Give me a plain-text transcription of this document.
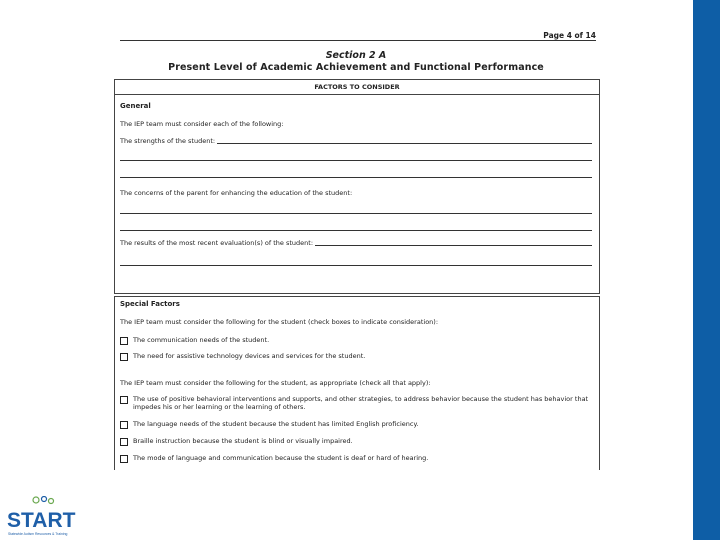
Page 4 of 14
Section 2 A
Present Level of Academic Achievement and Functional Performance
FACTORS TO CONSIDER
General
The IEP team must consider each of the following:
The strengths of the student:
The concerns of the parent for enhancing the education of the student:
The results of the most recent evaluation(s) of the student:
Special Factors
The IEP team must consider the following for the student (check boxes to indicate consideration):
The communication needs of the student.
The need for assistive technology devices and services for the student.
The IEP team must consider the following for the student, as appropriate (check all that apply):
The use of positive behavioral interventions and supports, and other strategies, to address behavior because the student has behavior that impedes his or her learning or the learning of others.
The language needs of the student because the student has limited English proficiency.
Braille instruction because the student is blind or visually impaired.
The mode of language and communication because the student is deaf or hard of hearing.
START
Statewide Autism Resources & Training
